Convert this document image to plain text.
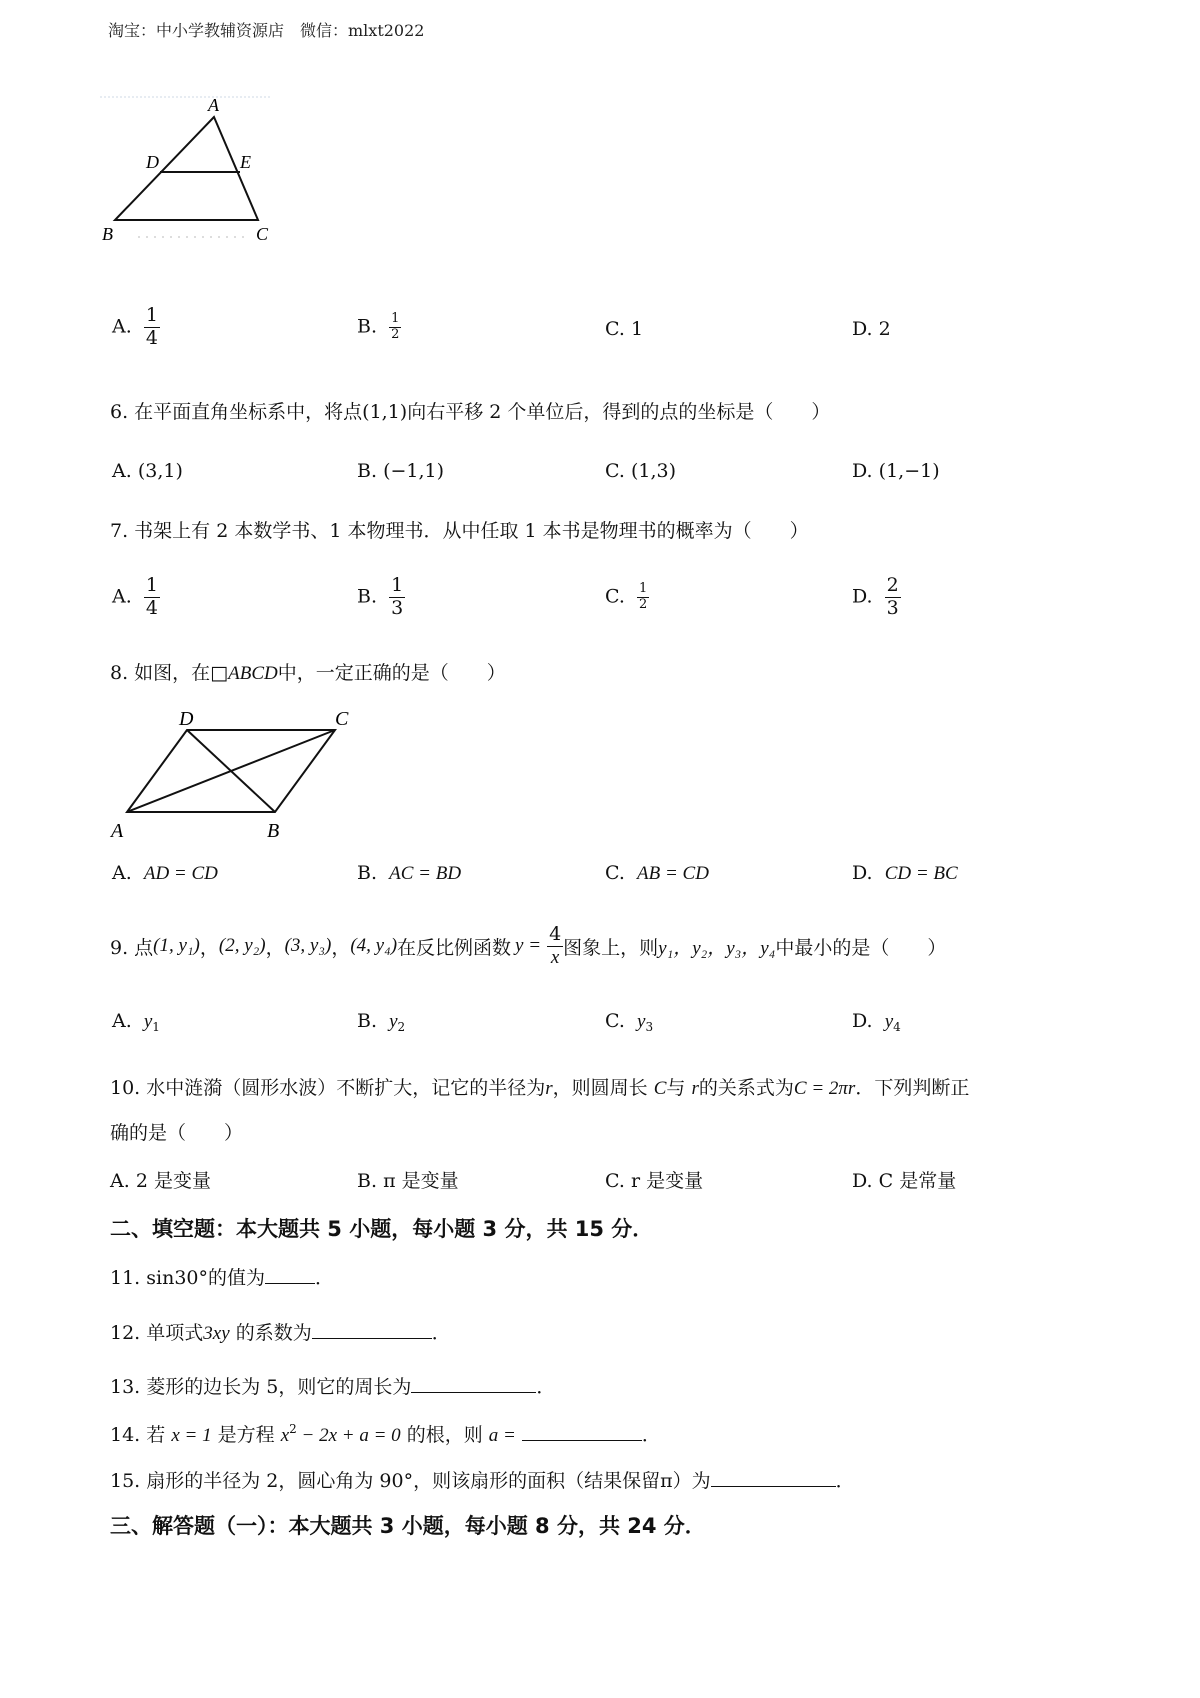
淘宝：中小学教辅资源店　微信：mlxt2022
A
D	E
B	C
A. $\frac{1}{4}$	B. $\frac{1}{2}$	C. 1	D. 2
6. 在平面直角坐标系中，将点(1,1)向右平移 2 个单位后，得到的点的坐标是（　　）
A. (3,1)	B. (−1,1)	C. (1,3)	D. (1,−1)
7. 书架上有 2 本数学书、1 本物理书．从中任取 1 本书是物理书的概率为（　　）
A. $\frac{1}{4}$	B. $\frac{1}{3}$	C. $\frac{1}{2}$	D. $\frac{2}{3}$
8. 如图，在□ABCD中，一定正确的是（　　）
D	C
A	B
A. AD = CD	B. AC = BD	C. AB = CD	D. CD = BC
9. 点 (1, y₁) ， (2, y₂) ， (3, y₃) ， (4, y₄) 在反比例函数 $y = \frac{4}{x}$ 图象上，则 y₁，y₂，y₃，y₄ 中最小的是（　　）
A. $y_1$	B. $y_2$	C. $y_3$	D. $y_4$
10. 水中涟漪（圆形水波）不断扩大，记它的半径为r，则圆周长 C与 r的关系式为C = 2πr．下列判断正
确的是（　　）
A. 2 是变量	B. π 是变量	C. r 是变量	D. C 是常量
二、填空题：本大题共 5 小题，每小题 3 分，共 15 分．
11. sin30°的值为	．
12. 单项式3xy 的系数为	．
13. 菱形的边长为 5，则它的周长为	．
14. 若 x = 1 是方程 $x^2 - 2x + a = 0$ 的根，则 a =	．
15. 扇形的半径为 2，圆心角为 90°，则该扇形的面积（结果保留π）为	．
三、解答题（一）：本大题共 3 小题，每小题 8 分，共 24 分．
